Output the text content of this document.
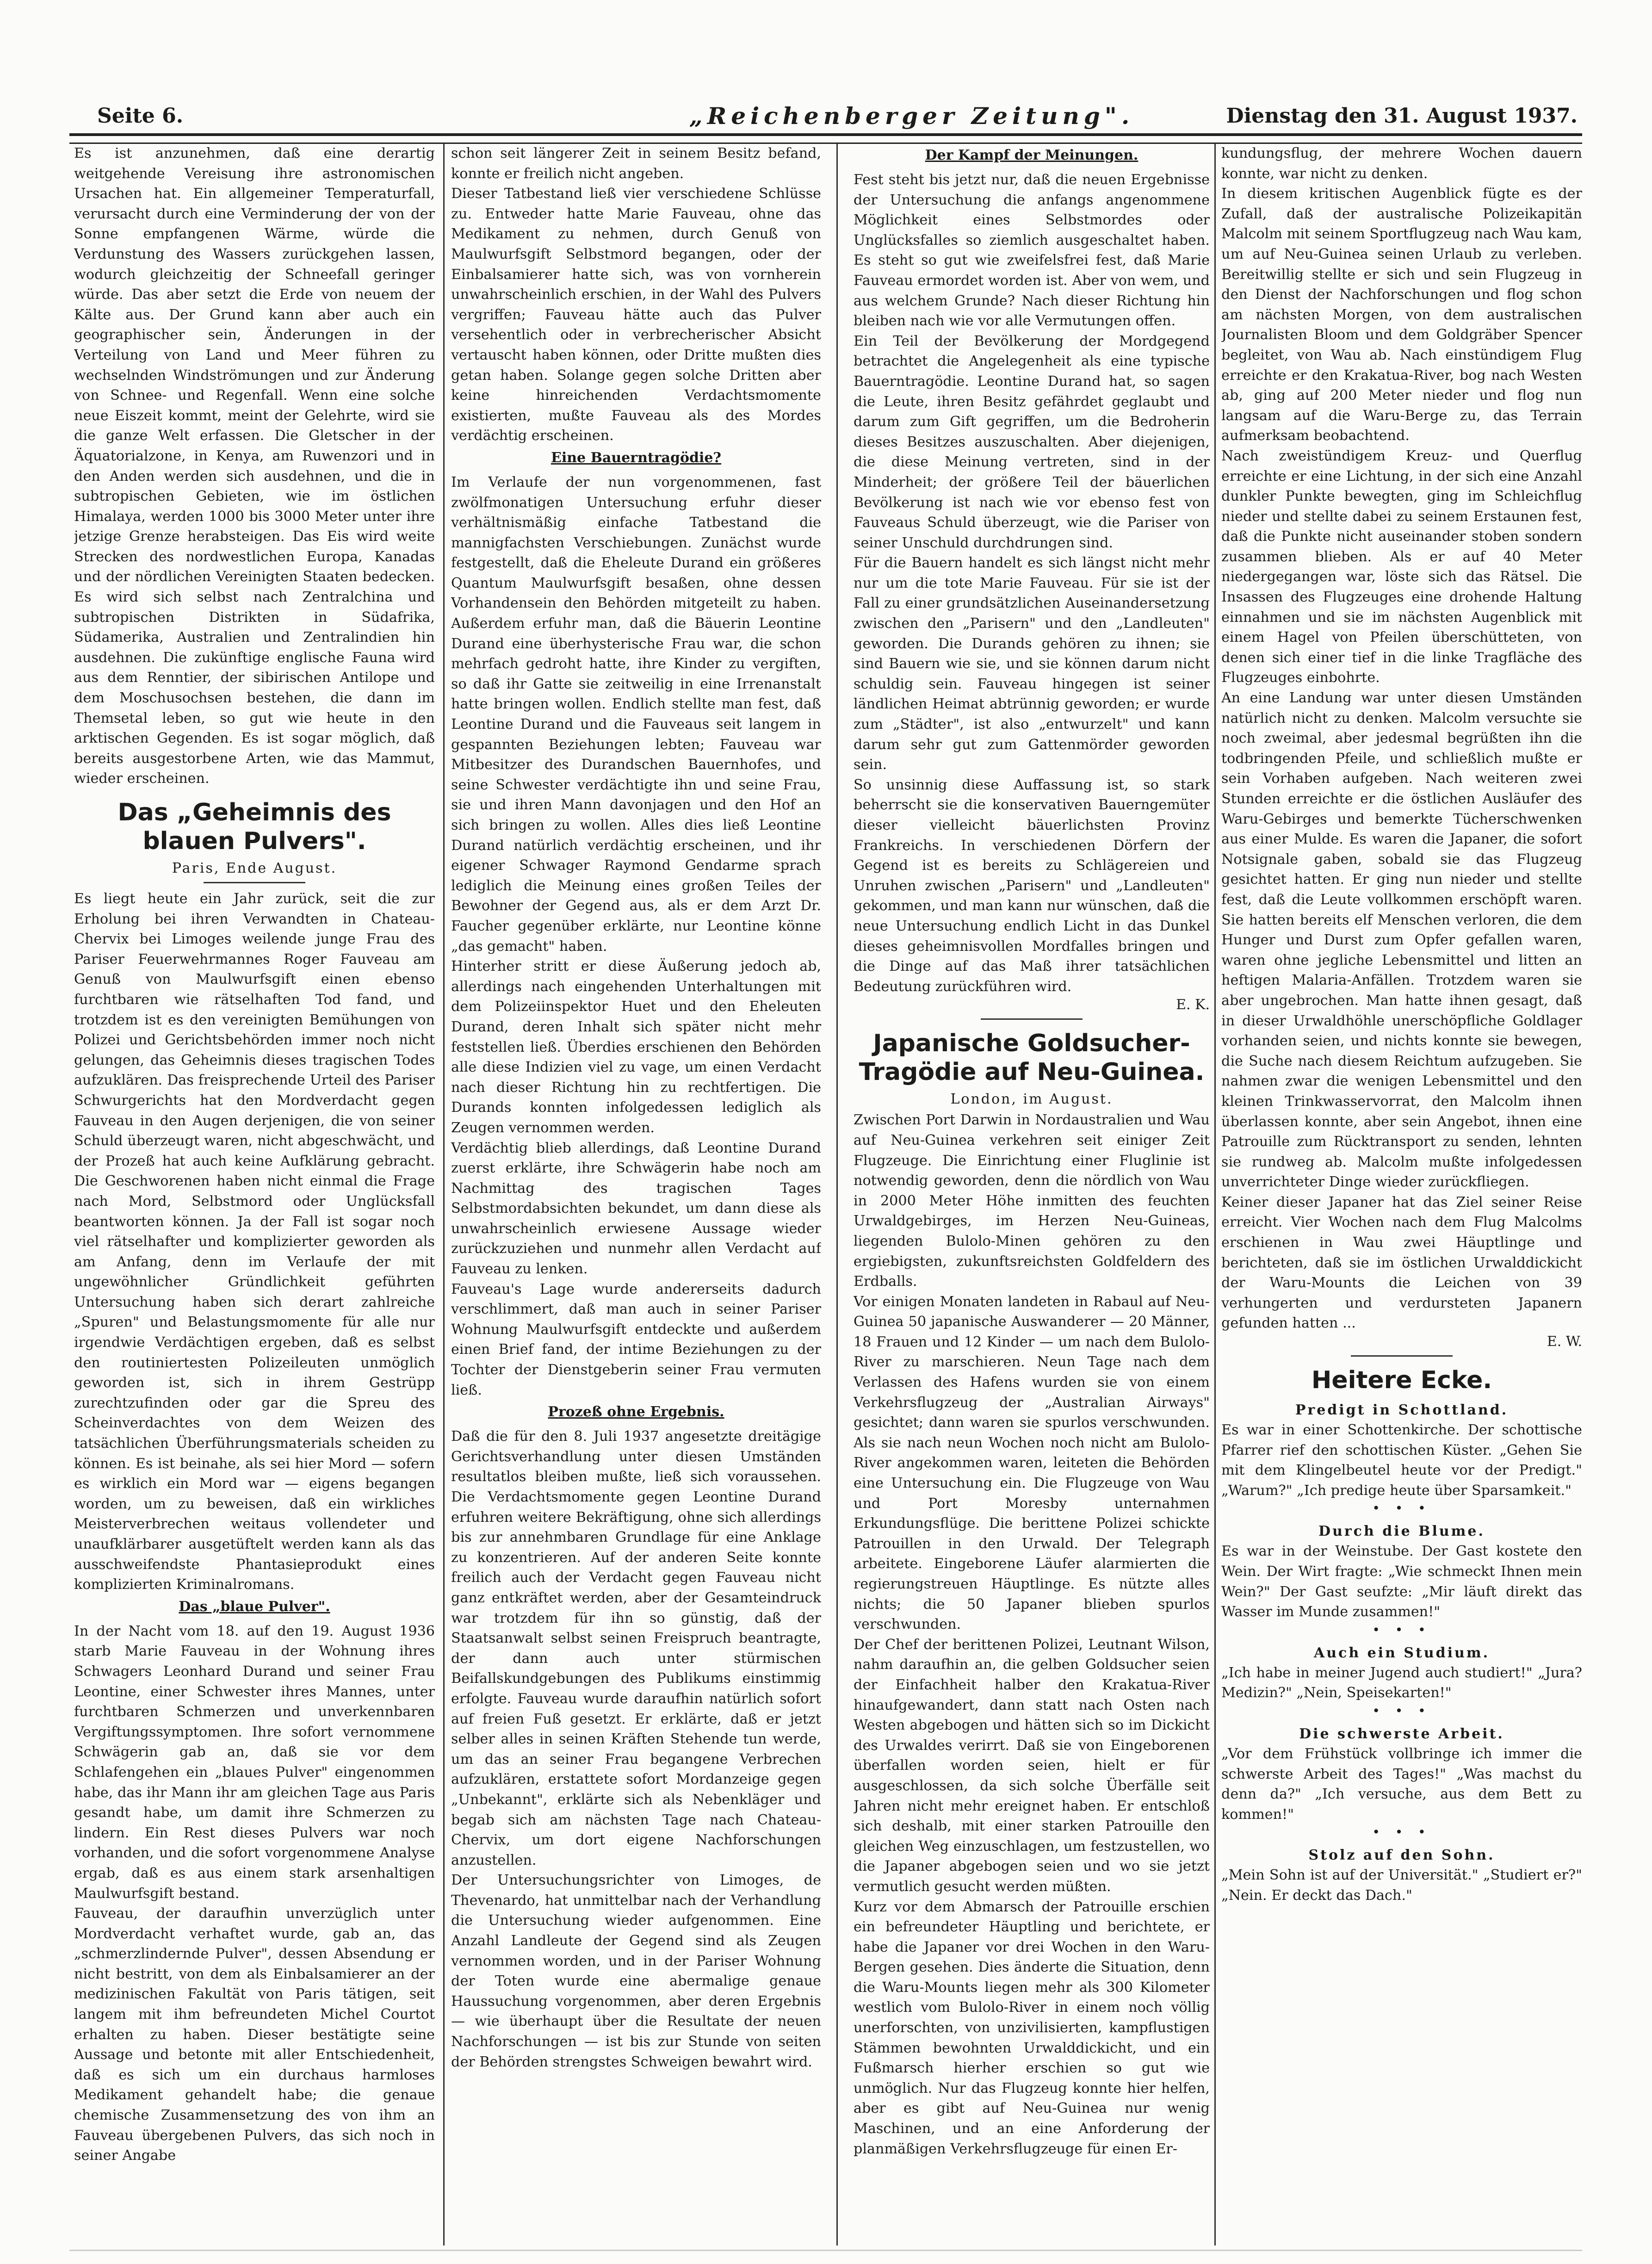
Seite 6.	„Reichenberger Zeitung".	Dienstag den 31. August 1937.

Es ist anzunehmen, daß eine derartig weitgehende Vereisung ihre astronomischen Ursachen hat. Ein allgemeiner Temperaturfall, verursacht durch eine Verminderung der von der Sonne empfangenen Wärme, würde die Verdunstung des Wassers zurückgehen lassen, wodurch gleichzeitig der Schneefall geringer würde. Das aber setzt die Erde von neuem der Kälte aus. Der Grund kann aber auch ein geographischer sein, Änderungen in der Verteilung von Land und Meer führen zu wechselnden Windströmungen und zur Änderung von Schnee- und Regenfall. Wenn eine solche neue Eiszeit kommt, meint der Gelehrte, wird sie die ganze Welt erfassen. Die Gletscher in der Äquatorialzone, in Kenya, am Ruwenzori und in den Anden werden sich ausdehnen, und die in subtropischen Gebieten, wie im östlichen Himalaya, werden 1000 bis 3000 Meter unter ihre jetzige Grenze herabsteigen. Das Eis wird weite Strecken des nordwestlichen Europa, Kanadas und der nördlichen Vereinigten Staaten bedecken. Es wird sich selbst nach Zentralchina und subtropischen Distrikten in Südafrika, Südamerika, Australien und Zentralindien hin ausdehnen. Die zukünftige englische Fauna wird aus dem Renntier, der sibirischen Antilope und dem Moschusochsen bestehen, die dann im Themsetal leben, so gut wie heute in den arktischen Gegenden. Es ist sogar möglich, daß bereits ausgestorbene Arten, wie das Mammut, wieder erscheinen.

Das „Geheimnis des blauen Pulvers".
Paris, Ende August.

Es liegt heute ein Jahr zurück, seit die zur Erholung bei ihren Verwandten in Chateau-Chervix bei Limoges weilende junge Frau des Pariser Feuerwehrmannes Roger Fauveau am Genuß von Maulwurfsgift einen ebenso furchtbaren wie rätselhaften Tod fand, und trotzdem ist es den vereinigten Bemühungen von Polizei und Gerichtsbehörden immer noch nicht gelungen, das Geheimnis dieses tragischen Todes aufzuklären. Das freisprechende Urteil des Pariser Schwurgerichts hat den Mordverdacht gegen Fauveau in den Augen derjenigen, die von seiner Schuld überzeugt waren, nicht abgeschwächt, und der Prozeß hat auch keine Aufklärung gebracht. Die Geschworenen haben nicht einmal die Frage nach Mord, Selbstmord oder Unglücksfall beantworten können. Ja der Fall ist sogar noch viel rätselhafter und komplizierter geworden als am Anfang, denn im Verlaufe der mit ungewöhnlicher Gründlichkeit geführten Untersuchung haben sich derart zahlreiche „Spuren" und Belastungsmomente für alle nur irgendwie Verdächtigen ergeben, daß es selbst den routiniertesten Polizeileuten unmöglich geworden ist, sich in ihrem Gestrüpp zurechtzufinden oder gar die Spreu des Scheinverdachtes von dem Weizen des tatsächlichen Überführungsmaterials scheiden zu können. Es ist beinahe, als sei hier Mord — sofern es wirklich ein Mord war — eigens begangen worden, um zu beweisen, daß ein wirkliches Meisterverbrechen weitaus vollendeter und unaufklärbarer ausgetüftelt werden kann als das ausschweifendste Phantasieprodukt eines komplizierten Kriminalromans.

Das „blaue Pulver".

In der Nacht vom 18. auf den 19. August 1936 starb Marie Fauveau in der Wohnung ihres Schwagers Leonhard Durand und seiner Frau Leontine, einer Schwester ihres Mannes, unter furchtbaren Schmerzen und unverkennbaren Vergiftungssymptomen. Ihre sofort vernommene Schwägerin gab an, daß sie vor dem Schlafengehen ein „blaues Pulver" eingenommen habe, das ihr Mann ihr am gleichen Tage aus Paris gesandt habe, um damit ihre Schmerzen zu lindern. Ein Rest dieses Pulvers war noch vorhanden, und die sofort vorgenommene Analyse ergab, daß es aus einem stark arsenhaltigen Maulwurfsgift bestand.

Fauveau, der daraufhin unverzüglich unter Mordverdacht verhaftet wurde, gab an, das „schmerzlindernde Pulver", dessen Absendung er nicht bestritt, von dem als Einbalsamierer an der medizinischen Fakultät von Paris tätigen, seit langem mit ihm befreundeten Michel Courtot erhalten zu haben. Dieser bestätigte seine Aussage und betonte mit aller Entschiedenheit, daß es sich um ein durchaus harmloses Medikament gehandelt habe; die genaue chemische Zusammensetzung des von ihm an Fauveau übergebenen Pulvers, das sich noch in seiner Angabe

schon seit längerer Zeit in seinem Besitz befand, konnte er freilich nicht angeben.

Dieser Tatbestand ließ vier verschiedene Schlüsse zu. Entweder hatte Marie Fauveau, ohne das Medikament zu nehmen, durch Genuß von Maulwurfsgift Selbstmord begangen, oder der Einbalsamierer hatte sich, was von vornherein unwahrscheinlich erschien, in der Wahl des Pulvers vergriffen; Fauveau hätte auch das Pulver versehentlich oder in verbrecherischer Absicht vertauscht haben können, oder Dritte mußten dies getan haben. Solange gegen solche Dritten aber keine hinreichenden Verdachtsmomente existierten, mußte Fauveau als des Mordes verdächtig erscheinen.

Eine Bauerntragödie?

Im Verlaufe der nun vorgenommenen, fast zwölfmonatigen Untersuchung erfuhr dieser verhältnismäßig einfache Tatbestand die mannigfachsten Verschiebungen. Zunächst wurde festgestellt, daß die Eheleute Durand ein größeres Quantum Maulwurfsgift besaßen, ohne dessen Vorhandensein den Behörden mitgeteilt zu haben. Außerdem erfuhr man, daß die Bäuerin Leontine Durand eine überhysterische Frau war, die schon mehrfach gedroht hatte, ihre Kinder zu vergiften, so daß ihr Gatte sie zeitweilig in eine Irrenanstalt hatte bringen wollen. Endlich stellte man fest, daß Leontine Durand und die Fauveaus seit langem in gespannten Beziehungen lebten; Fauveau war Mitbesitzer des Durandschen Bauernhofes, und seine Schwester verdächtigte ihn und seine Frau, sie und ihren Mann davonjagen und den Hof an sich bringen zu wollen. Alles dies ließ Leontine Durand natürlich verdächtig erscheinen, und ihr eigener Schwager Raymond Gendarme sprach lediglich die Meinung eines großen Teiles der Bewohner der Gegend aus, als er dem Arzt Dr. Faucher gegenüber erklärte, nur Leontine könne „das gemacht" haben.

Hinterher stritt er diese Äußerung jedoch ab, allerdings nach eingehenden Unterhaltungen mit dem Polizeiinspektor Huet und den Eheleuten Durand, deren Inhalt sich später nicht mehr feststellen ließ. Überdies erschienen den Behörden alle diese Indizien viel zu vage, um einen Verdacht nach dieser Richtung hin zu rechtfertigen. Die Durands konnten infolgedessen lediglich als Zeugen vernommen werden.

Verdächtig blieb allerdings, daß Leontine Durand zuerst erklärte, ihre Schwägerin habe noch am Nachmittag des tragischen Tages Selbstmordabsichten bekundet, um dann diese als unwahrscheinlich erwiesene Aussage wieder zurückzuziehen und nunmehr allen Verdacht auf Fauveau zu lenken.

Fauveau's Lage wurde andererseits dadurch verschlimmert, daß man auch in seiner Pariser Wohnung Maulwurfsgift entdeckte und außerdem einen Brief fand, der intime Beziehungen zu der Tochter der Dienstgeberin seiner Frau vermuten ließ.

Prozeß ohne Ergebnis.

Daß die für den 8. Juli 1937 angesetzte dreitägige Gerichtsverhandlung unter diesen Umständen resultatlos bleiben mußte, ließ sich voraussehen. Die Verdachtsmomente gegen Leontine Durand erfuhren weitere Bekräftigung, ohne sich allerdings bis zur annehmbaren Grundlage für eine Anklage zu konzentrieren. Auf der anderen Seite konnte freilich auch der Verdacht gegen Fauveau nicht ganz entkräftet werden, aber der Gesamteindruck war trotzdem für ihn so günstig, daß der Staatsanwalt selbst seinen Freispruch beantragte, der dann auch unter stürmischen Beifallskundgebungen des Publikums einstimmig erfolgte. Fauveau wurde daraufhin natürlich sofort auf freien Fuß gesetzt. Er erklärte, daß er jetzt selber alles in seinen Kräften Stehende tun werde, um das an seiner Frau begangene Verbrechen aufzuklären, erstattete sofort Mordanzeige gegen „Unbekannt", erklärte sich als Nebenkläger und begab sich am nächsten Tage nach Chateau-Chervix, um dort eigene Nachforschungen anzustellen.

Der Untersuchungsrichter von Limoges, de Thevenardo, hat unmittelbar nach der Verhandlung die Untersuchung wieder aufgenommen. Eine Anzahl Landleute der Gegend sind als Zeugen vernommen worden, und in der Pariser Wohnung der Toten wurde eine abermalige genaue Haussuchung vorgenommen, aber deren Ergebnis — wie überhaupt über die Resultate der neuen Nachforschungen — ist bis zur Stunde von seiten der Behörden strengstes Schweigen bewahrt wird.

Der Kampf der Meinungen.

Fest steht bis jetzt nur, daß die neuen Ergebnisse der Untersuchung die anfangs angenommene Möglichkeit eines Selbstmordes oder Unglücksfalles so ziemlich ausgeschaltet haben. Es steht so gut wie zweifelsfrei fest, daß Marie Fauveau ermordet worden ist. Aber von wem, und aus welchem Grunde? Nach dieser Richtung hin bleiben nach wie vor alle Vermutungen offen.

Ein Teil der Bevölkerung der Mordgegend betrachtet die Angelegenheit als eine typische Bauerntragödie. Leontine Durand hat, so sagen die Leute, ihren Besitz gefährdet geglaubt und darum zum Gift gegriffen, um die Bedroherin dieses Besitzes auszuschalten. Aber diejenigen, die diese Meinung vertreten, sind in der Minderheit; der größere Teil der bäuerlichen Bevölkerung ist nach wie vor ebenso fest von Fauveaus Schuld überzeugt, wie die Pariser von seiner Unschuld durchdrungen sind.

Für die Bauern handelt es sich längst nicht mehr nur um die tote Marie Fauveau. Für sie ist der Fall zu einer grundsätzlichen Auseinandersetzung zwischen den „Parisern" und den „Landleuten" geworden. Die Durands gehören zu ihnen; sie sind Bauern wie sie, und sie können darum nicht schuldig sein. Fauveau hingegen ist seiner ländlichen Heimat abtrünnig geworden; er wurde zum „Städter", ist also „entwurzelt" und kann darum sehr gut zum Gattenmörder geworden sein.

So unsinnig diese Auffassung ist, so stark beherrscht sie die konservativen Bauerngemüter dieser vielleicht bäuerlichsten Provinz Frankreichs. In verschiedenen Dörfern der Gegend ist es bereits zu Schlägereien und Unruhen zwischen „Parisern" und „Landleuten" gekommen, und man kann nur wünschen, daß die neue Untersuchung endlich Licht in das Dunkel dieses geheimnisvollen Mordfalles bringen und die Dinge auf das Maß ihrer tatsächlichen Bedeutung zurückführen wird.

E. K.
Japanische Goldsucher-Tragödie auf Neu-Guinea.
London, im August.

Zwischen Port Darwin in Nordaustralien und Wau auf Neu-Guinea verkehren seit einiger Zeit Flugzeuge. Die Einrichtung einer Fluglinie ist notwendig geworden, denn die nördlich von Wau in 2000 Meter Höhe inmitten des feuchten Urwaldgebirges, im Herzen Neu-Guineas, liegenden Bulolo-Minen gehören zu den ergiebigsten, zukunftsreichsten Goldfeldern des Erdballs.

Vor einigen Monaten landeten in Rabaul auf Neu-Guinea 50 japanische Auswanderer — 20 Männer, 18 Frauen und 12 Kinder — um nach dem Bulolo-River zu marschieren. Neun Tage nach dem Verlassen des Hafens wurden sie von einem Verkehrsflugzeug der „Australian Airways" gesichtet; dann waren sie spurlos verschwunden. Als sie nach neun Wochen noch nicht am Bulolo-River angekommen waren, leiteten die Behörden eine Untersuchung ein. Die Flugzeuge von Wau und Port Moresby unternahmen Erkundungsflüge. Die berittene Polizei schickte Patrouillen in den Urwald. Der Telegraph arbeitete. Eingeborene Läufer alarmierten die regierungstreuen Häuptlinge. Es nützte alles nichts; die 50 Japaner blieben spurlos verschwunden.

Der Chef der berittenen Polizei, Leutnant Wilson, nahm daraufhin an, die gelben Goldsucher seien der Einfachheit halber den Krakatua-River hinaufgewandert, dann statt nach Osten nach Westen abgebogen und hätten sich so im Dickicht des Urwaldes verirrt. Daß sie von Eingeborenen überfallen worden seien, hielt er für ausgeschlossen, da sich solche Überfälle seit Jahren nicht mehr ereignet haben. Er entschloß sich deshalb, mit einer starken Patrouille den gleichen Weg einzuschlagen, um festzustellen, wo die Japaner abgebogen seien und wo sie jetzt vermutlich gesucht werden müßten.

Kurz vor dem Abmarsch der Patrouille erschien ein befreundeter Häuptling und berichtete, er habe die Japaner vor drei Wochen in den Waru-Bergen gesehen. Dies änderte die Situation, denn die Waru-Mounts liegen mehr als 300 Kilometer westlich vom Bulolo-River in einem noch völlig unerforschten, von unzivilisierten, kampflustigen Stämmen bewohnten Urwalddickicht, und ein Fußmarsch hierher erschien so gut wie unmöglich. Nur das Flugzeug konnte hier helfen, aber es gibt auf Neu-Guinea nur wenig Maschinen, und an eine Anforderung der planmäßigen Verkehrsflugzeuge für einen Er-

kundungsflug, der mehrere Wochen dauern konnte, war nicht zu denken.

In diesem kritischen Augenblick fügte es der Zufall, daß der australische Polizeikapitän Malcolm mit seinem Sportflugzeug nach Wau kam, um auf Neu-Guinea seinen Urlaub zu verleben. Bereitwillig stellte er sich und sein Flugzeug in den Dienst der Nachforschungen und flog schon am nächsten Morgen, von dem australischen Journalisten Bloom und dem Goldgräber Spencer begleitet, von Wau ab. Nach einstündigem Flug erreichte er den Krakatua-River, bog nach Westen ab, ging auf 200 Meter nieder und flog nun langsam auf die Waru-Berge zu, das Terrain aufmerksam beobachtend.

Nach zweistündigem Kreuz- und Querflug erreichte er eine Lichtung, in der sich eine Anzahl dunkler Punkte bewegten, ging im Schleichflug nieder und stellte dabei zu seinem Erstaunen fest, daß die Punkte nicht auseinander stoben sondern zusammen blieben. Als er auf 40 Meter niedergegangen war, löste sich das Rätsel. Die Insassen des Flugzeuges eine drohende Haltung einnahmen und sie im nächsten Augenblick mit einem Hagel von Pfeilen überschütteten, von denen sich einer tief in die linke Tragfläche des Flugzeuges einbohrte.

An eine Landung war unter diesen Umständen natürlich nicht zu denken. Malcolm versuchte sie noch zweimal, aber jedesmal begrüßten ihn die todbringenden Pfeile, und schließlich mußte er sein Vorhaben aufgeben. Nach weiteren zwei Stunden erreichte er die östlichen Ausläufer des Waru-Gebirges und bemerkte Tücherschwenken aus einer Mulde. Es waren die Japaner, die sofort Notsignale gaben, sobald sie das Flugzeug gesichtet hatten. Er ging nun nieder und stellte fest, daß die Leute vollkommen erschöpft waren. Sie hatten bereits elf Menschen verloren, die dem Hunger und Durst zum Opfer gefallen waren, waren ohne jegliche Lebensmittel und litten an heftigen Malaria-Anfällen. Trotzdem waren sie aber ungebrochen. Man hatte ihnen gesagt, daß in dieser Urwaldhöhle unerschöpfliche Goldlager vorhanden seien, und nichts konnte sie bewegen, die Suche nach diesem Reichtum aufzugeben. Sie nahmen zwar die wenigen Lebensmittel und den kleinen Trinkwasservorrat, den Malcolm ihnen überlassen konnte, aber sein Angebot, ihnen eine Patrouille zum Rücktransport zu senden, lehnten sie rundweg ab. Malcolm mußte infolgedessen unverrichteter Dinge wieder zurückfliegen.

Keiner dieser Japaner hat das Ziel seiner Reise erreicht. Vier Wochen nach dem Flug Malcolms erschienen in Wau zwei Häuptlinge und berichteten, daß sie im östlichen Urwalddickicht der Waru-Mounts die Leichen von 39 verhungerten und verdursteten Japanern gefunden hatten ...

E. W.
Heitere Ecke.
Predigt in Schottland.

Es war in einer Schottenkirche. Der schottische Pfarrer rief den schottischen Küster. „Gehen Sie mit dem Klingelbeutel heute vor der Predigt." „Warum?" „Ich predige heute über Sparsamkeit."

• • •
Durch die Blume.

Es war in der Weinstube. Der Gast kostete den Wein. Der Wirt fragte: „Wie schmeckt Ihnen mein Wein?" Der Gast seufzte: „Mir läuft direkt das Wasser im Munde zusammen!"

• • •
Auch ein Studium.

„Ich habe in meiner Jugend auch studiert!" „Jura? Medizin?" „Nein, Speisekarten!"

• • •
Die schwerste Arbeit.

„Vor dem Frühstück vollbringe ich immer die schwerste Arbeit des Tages!" „Was machst du denn da?" „Ich versuche, aus dem Bett zu kommen!"

• • •
Stolz auf den Sohn.

„Mein Sohn ist auf der Universität." „Studiert er?" „Nein. Er deckt das Dach."
